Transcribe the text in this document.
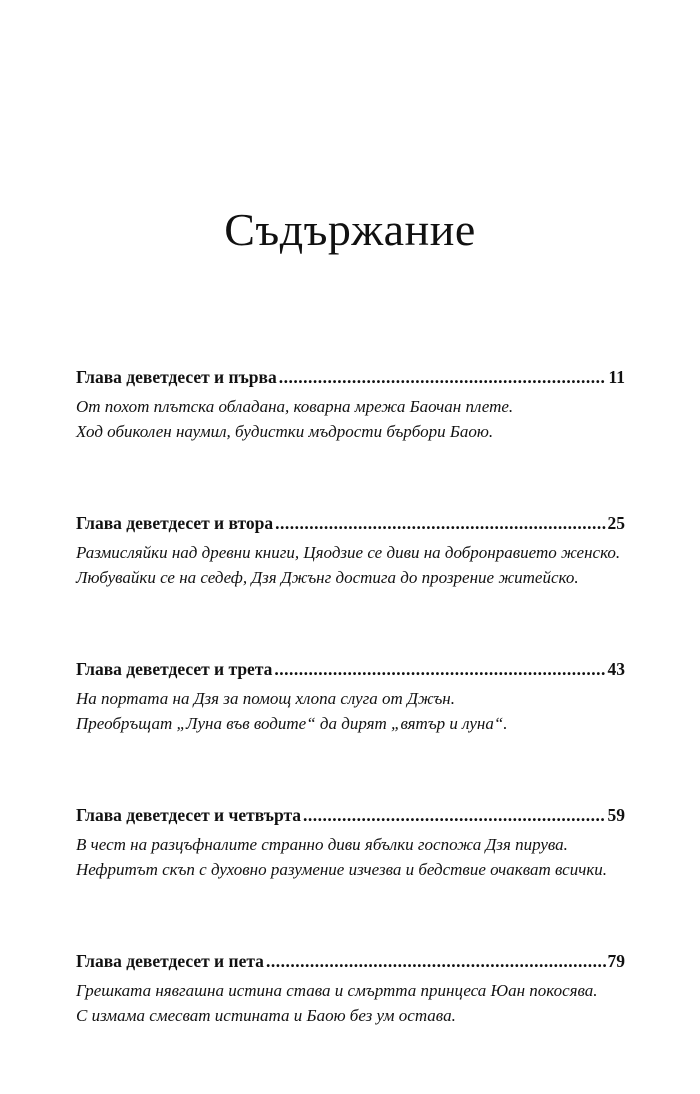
Съдържание
Глава деветдесет и първа .....	11
От похот плътска обладана, коварна мрежа Баочан плете.
Ход обиколен наумил, будистки мъдрости бърбори Баою.
Глава деветдесет и втора .....	25
Размисляйки над древни книги, Цяодзие се диви на добронравието женско.
Любувайки се на седеф, Дзя Джънг достига до прозрение житейско.
Глава деветдесет и трета .....	43
На портата на Дзя за помощ хлопа слуга от Джън.
Преобръщат „Луна във водите“ да дирят „вятър и луна“.
Глава деветдесет и четвърта .....	59
В чест на разцъфналите странно диви ябълки госпожа Дзя пирува.
Нефритът скъп с духовно разумение изчезва и бедствие очакват всички.
Глава деветдесет и пета .....	79
Грешката нявгашна истина става и смъртта принцеса Юан покосява.
С измама смесват истината и Баою без ум остава.
